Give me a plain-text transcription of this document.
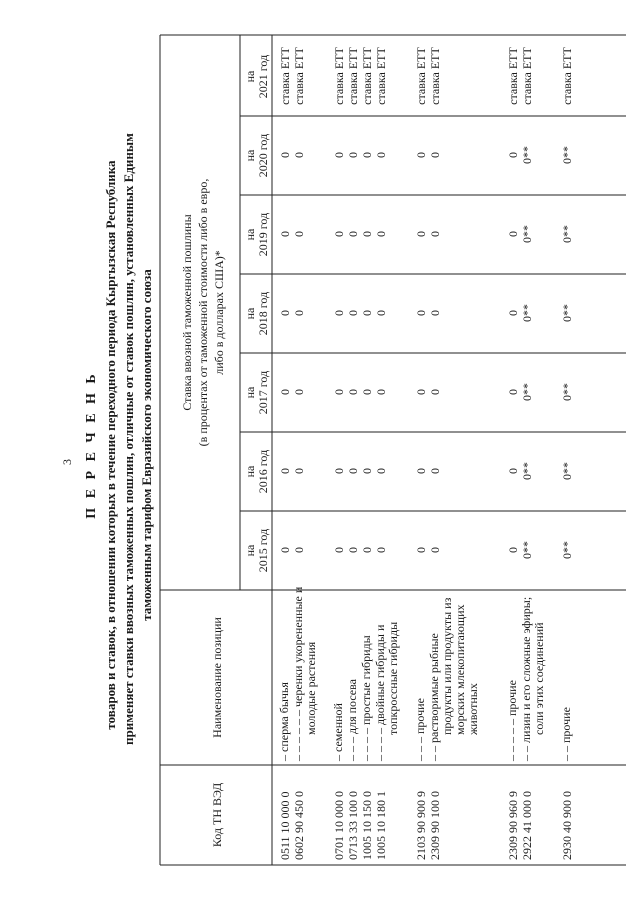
3 П Е Р Е Ч Е Н Ь товаров и ставок, в отношении которых в течение переходного периода Кыргызская Республика применяет ставки ввозных таможенных пошлин, отличные от ставок пошлин, установленных Единым таможенным тарифом Евразийского экономического союза
Код ТН ВЭД
Наименование позиции
Ставка ввозной таможенной пошлины (в процентах от таможенной стоимости либо в евро, либо в долларах США)*
на 2015 год
на 2016 год
на 2017 год
на 2018 год
на 2019 год
на 2020 год
на 2021 год
0511 10 000 0
– сперма бычья
0
0
0
0
0
0
ставка ЕТТ
0602 90 450 0
– – – – – – черенки укорененные и молодые растения
0
0
0
0
0
0
ставка ЕТТ
0701 10 000 0
– семенной
0
0
0
0
0
0
ставка ЕТТ
0713 33 100 0
– – – для посева
0
0
0
0
0
0
ставка ЕТТ
1005 10 150 0
– – – – простые гибриды
0
0
0
0
0
0
ставка ЕТТ
1005 10 180 1
– – – – двойные гибриды и топкроссные гибриды
0
0
0
0
0
0
ставка ЕТТ
2103 90 900 9
– – – прочие
0
0
0
0
0
0
ставка ЕТТ
2309 90 100 0
– – растворимые рыбные продукты или продукты из морских млекопитающих животных
0
0
0
0
0
0
ставка ЕТТ
2309 90 960 9
– – – – – прочие
0
0
0
0
0
0
ставка ЕТТ
2922 41 000 0
– – лизин и его сложные эфиры; соли этих соединений
0**
0**
0**
0**
0**
0**
ставка ЕТТ
2930 40 900 0
– – прочие
0**
0**
0**
0**
0**
0**
ставка ЕТТ
